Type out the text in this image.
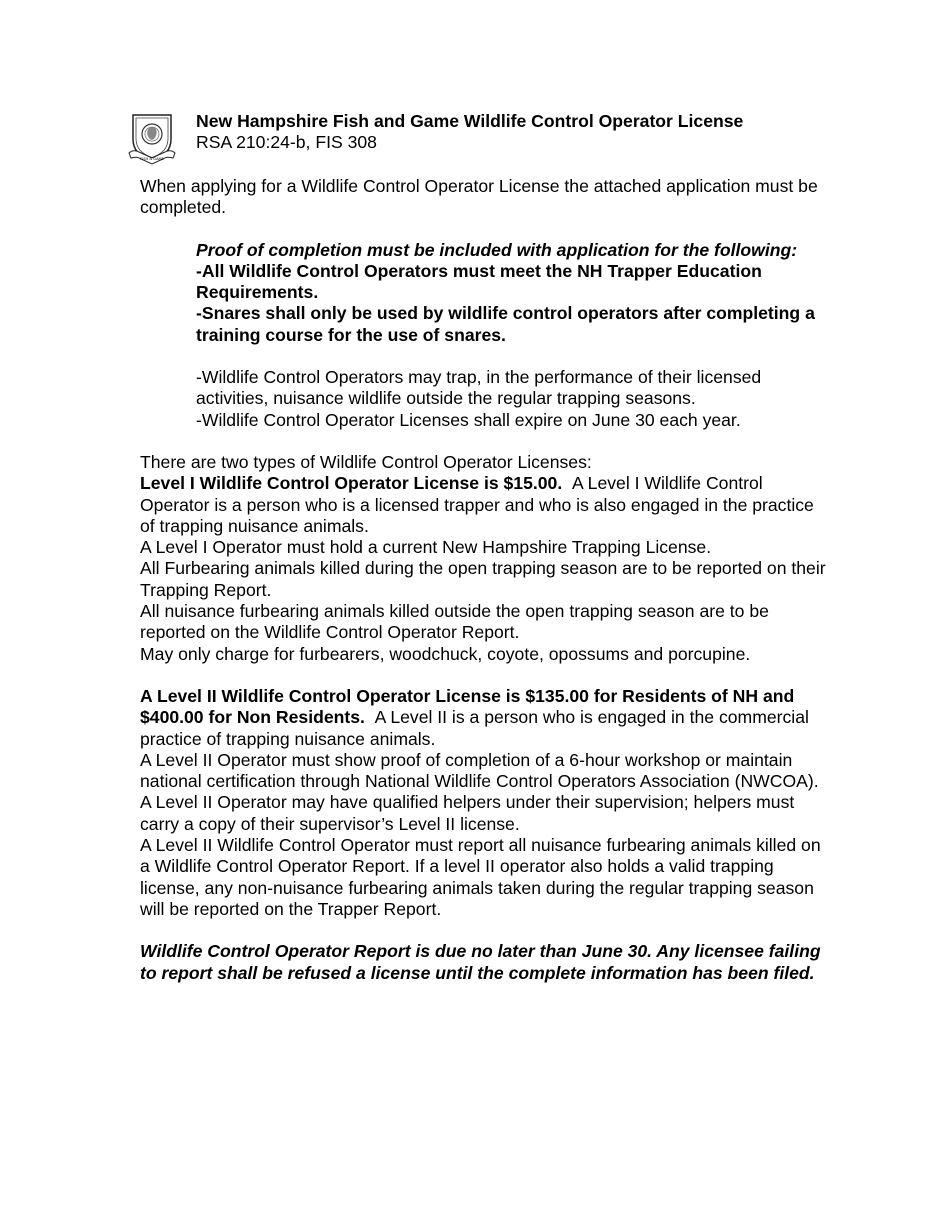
FISH & GAME
New Hampshire Fish and Game Wildlife Control Operator License
RSA 210:24-b, FIS 308

When applying for a Wildlife Control Operator License the attached application must be completed.

Proof of completion must be included with application for the following:

-All Wildlife Control Operators must meet the NH Trapper Education Requirements.

-Snares shall only be used by wildlife control operators after completing a training course for the use of snares.

-Wildlife Control Operators may trap, in the performance of their licensed activities, nuisance wildlife outside the regular trapping seasons.

-Wildlife Control Operator Licenses shall expire on June 30 each year.

There are two types of Wildlife Control Operator Licenses:

Level I Wildlife Control Operator License is $15.00. A Level I Wildlife Control Operator is a person who is a licensed trapper and who is also engaged in the practice of trapping nuisance animals.

A Level I Operator must hold a current New Hampshire Trapping License.

All Furbearing animals killed during the open trapping season are to be reported on their Trapping Report.

All nuisance furbearing animals killed outside the open trapping season are to be reported on the Wildlife Control Operator Report.

May only charge for furbearers, woodchuck, coyote, opossums and porcupine.

A Level II Wildlife Control Operator License is $135.00 for Residents of NH and $400.00 for Non Residents. A Level II is a person who is engaged in the commercial practice of trapping nuisance animals.

A Level II Operator must show proof of completion of a 6-hour workshop or maintain national certification through National Wildlife Control Operators Association (NWCOA).

A Level II Operator may have qualified helpers under their supervision; helpers must carry a copy of their supervisor’s Level II license.

A Level II Wildlife Control Operator must report all nuisance furbearing animals killed on a Wildlife Control Operator Report. If a level II operator also holds a valid trapping license, any non-nuisance furbearing animals taken during the regular trapping season will be reported on the Trapper Report.

Wildlife Control Operator Report is due no later than June 30. Any licensee failing to report shall be refused a license until the complete information has been filed.
